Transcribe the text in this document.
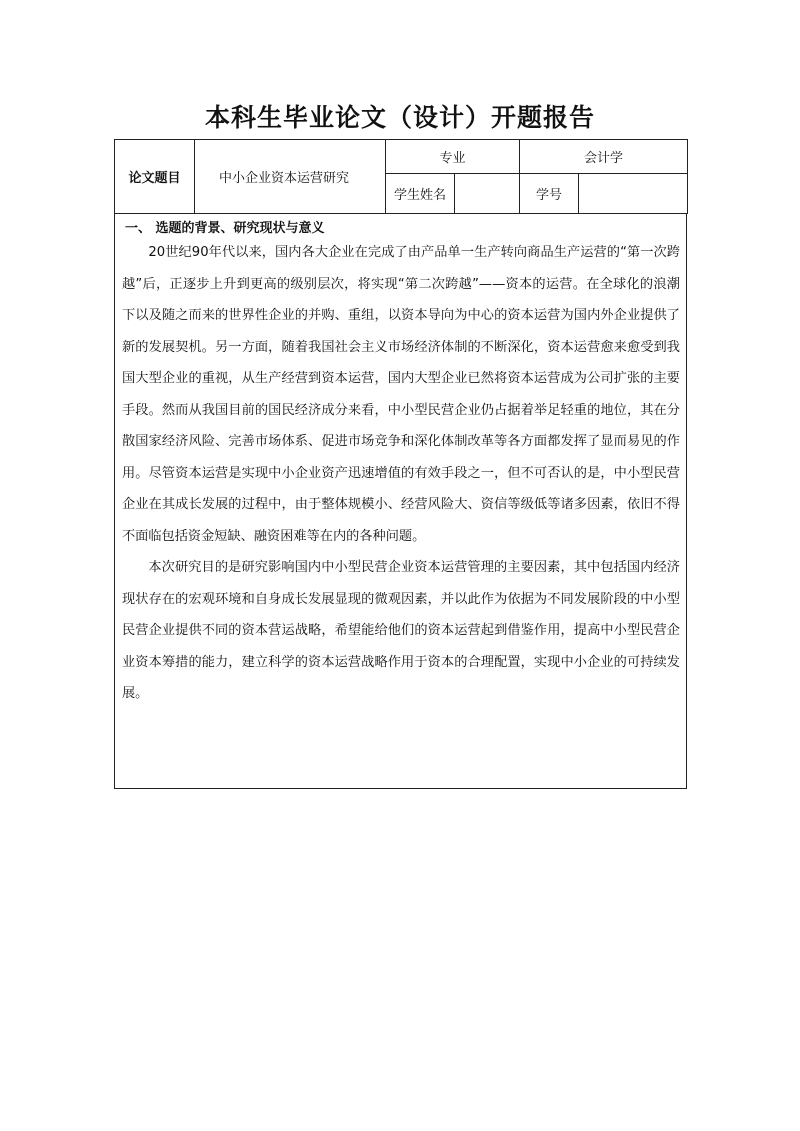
本科生毕业论文（设计）开题报告
论文题目	中小企业资本运营研究	专业		会计学	
		学生姓名		学号	
一、 选题的背景、研究现状与意义

20世纪90年代以来，国内各大企业在完成了由产品单一生产转向商品生产运营的“第一次跨越”后，正逐步上升到更高的级别层次，将实现“第二次跨越”——资本的运营。在全球化的浪潮下以及随之而来的世界性企业的并购、重组，以资本导向为中心的资本运营为国内外企业提供了新的发展契机。另一方面，随着我国社会主义市场经济体制的不断深化，资本运营愈来愈受到我国大型企业的重视，从生产经营到资本运营，国内大型企业已然将资本运营成为公司扩张的主要手段。然而从我国目前的国民经济成分来看，中小型民营企业仍占据着举足轻重的地位，其在分散国家经济风险、完善市场体系、促进市场竞争和深化体制改革等各方面都发挥了显而易见的作用。尽管资本运营是实现中小企业资产迅速增值的有效手段之一，但不可否认的是，中小型民营企业在其成长发展的过程中，由于整体规模小、经营风险大、资信等级低等诸多因素，依旧不得不面临包括资金短缺、融资困难等在内的各种问题。

本次研究目的是研究影响国内中小型民营企业资本运营管理的主要因素，其中包括国内经济现状存在的宏观环境和自身成长发展显现的微观因素，并以此作为依据为不同发展阶段的中小型民营企业提供不同的资本营运战略，希望能给他们的资本运营起到借鉴作用，提高中小型民营企业资本筹措的能力，建立科学的资本运营战略作用于资本的合理配置，实现中小企业的可持续发展。
